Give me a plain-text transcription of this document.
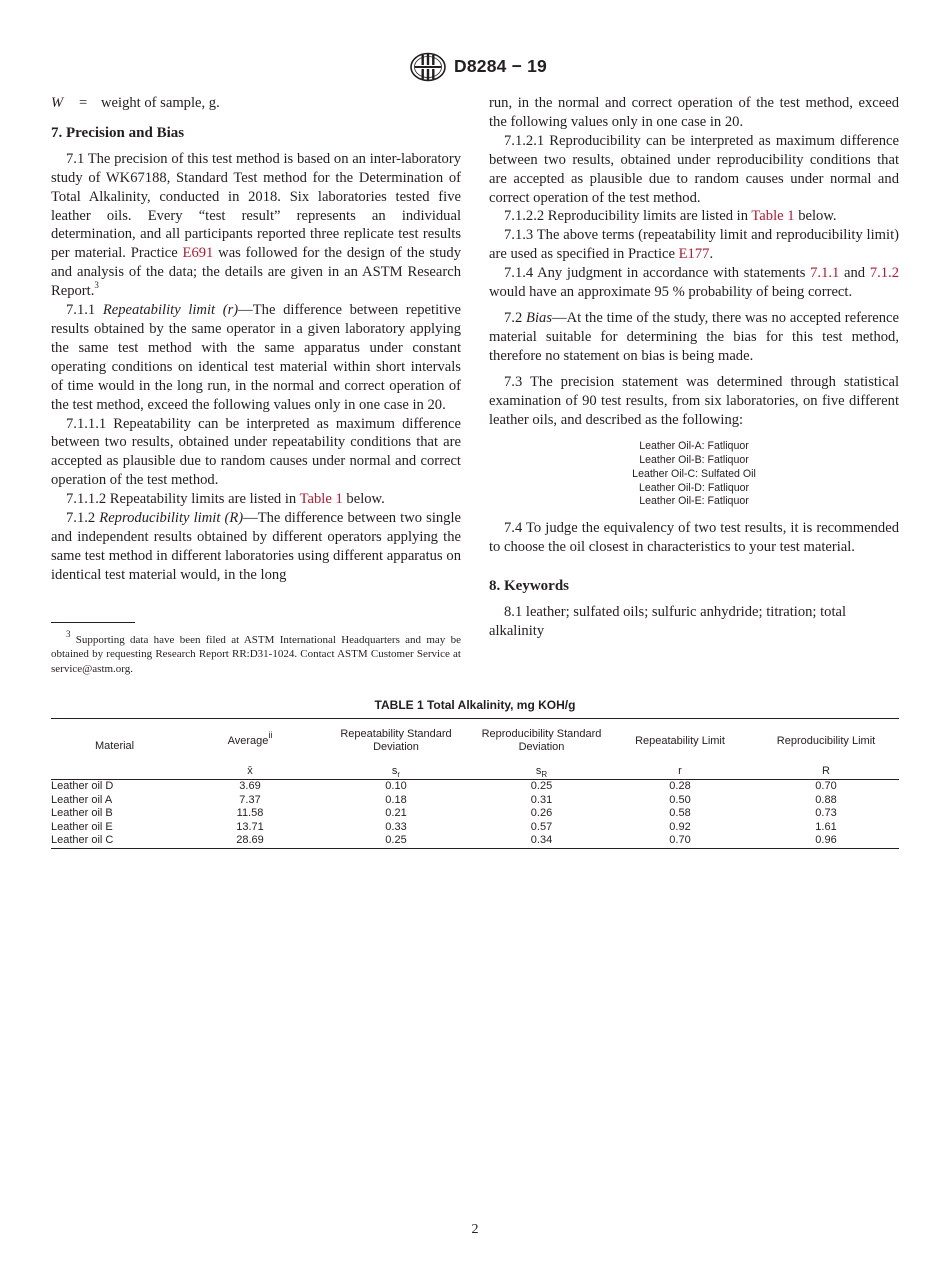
D8284 − 19

W	= weight of sample, g.

7. Precision and Bias

7.1 The precision of this test method is based on an inter-laboratory study of WK67188, Standard Test method for the Determination of Total Alkalinity, conducted in 2018. Six laboratories tested five leather oils. Every “test result” represents an individual determination, and all participants reported three replicate test results per material. Practice E691 was followed for the design of the study and analysis of the data; the details are given in an ASTM Research Report.$^3$

7.1.1 Repeatability limit (r)—The difference between repetitive results obtained by the same operator in a given laboratory applying the same test method with the same apparatus under constant operating conditions on identical test material within short intervals of time would in the long run, in the normal and correct operation of the test method, exceed the following values only in one case in 20.

7.1.1.1 Repeatability can be interpreted as maximum difference between two results, obtained under repeatability conditions that are accepted as plausible due to random causes under normal and correct operation of the test method.

7.1.1.2 Repeatability limits are listed in Table 1 below.

7.1.2 Reproducibility limit (R)—The difference between two single and independent results obtained by different operators applying the same test method in different laboratories using different apparatus on identical test material would, in the long

$^3$ Supporting data have been filed at ASTM International Headquarters and may be obtained by requesting Research Report RR:D31-1024. Contact ASTM Customer Service at service@astm.org.

run, in the normal and correct operation of the test method, exceed the following values only in one case in 20.

7.1.2.1 Reproducibility can be interpreted as maximum difference between two results, obtained under reproducibility conditions that are accepted as plausible due to random causes under normal and correct operation of the test method.

7.1.2.2 Reproducibility limits are listed in Table 1 below.

7.1.3 The above terms (repeatability limit and reproducibility limit) are used as specified in Practice E177.

7.1.4 Any judgment in accordance with statements 7.1.1 and 7.1.2 would have an approximate 95 % probability of being correct.

7.2 Bias—At the time of the study, there was no accepted reference material suitable for determining the bias for this test method, therefore no statement on bias is being made.

7.3 The precision statement was determined through statistical examination of 90 test results, from six laboratories, on five different leather oils, and described as the following:

Leather Oil-A: Fatliquor
Leather Oil-B: Fatliquor
Leather Oil-C: Sulfated Oil
Leather Oil-D: Fatliquor
Leather Oil-E: Fatliquor

7.4 To judge the equivalency of two test results, it is recommended to choose the oil closest in characteristics to your test material.

8. Keywords

8.1 leather; sulfated oils; sulfuric anhydride; titration; total alkalinity

TABLE 1 Total Alkalinity, mg KOH/g
Material	Average$^{ii}$	Repeatability Standard Deviation	Reproducibility Standard Deviation	Repeatability Limit	Reproducibility Limit
	x̄	$s_r$	$s_R$	r	R
Leather oil D	3.69	0.10	0.25	0.28	0.70
Leather oil A	7.37	0.18	0.31	0.50	0.88
Leather oil B	11.58	0.21	0.26	0.58	0.73
Leather oil E	13.71	0.33	0.57	0.92	1.61
Leather oil C	28.69	0.25	0.34	0.70	0.96
2
